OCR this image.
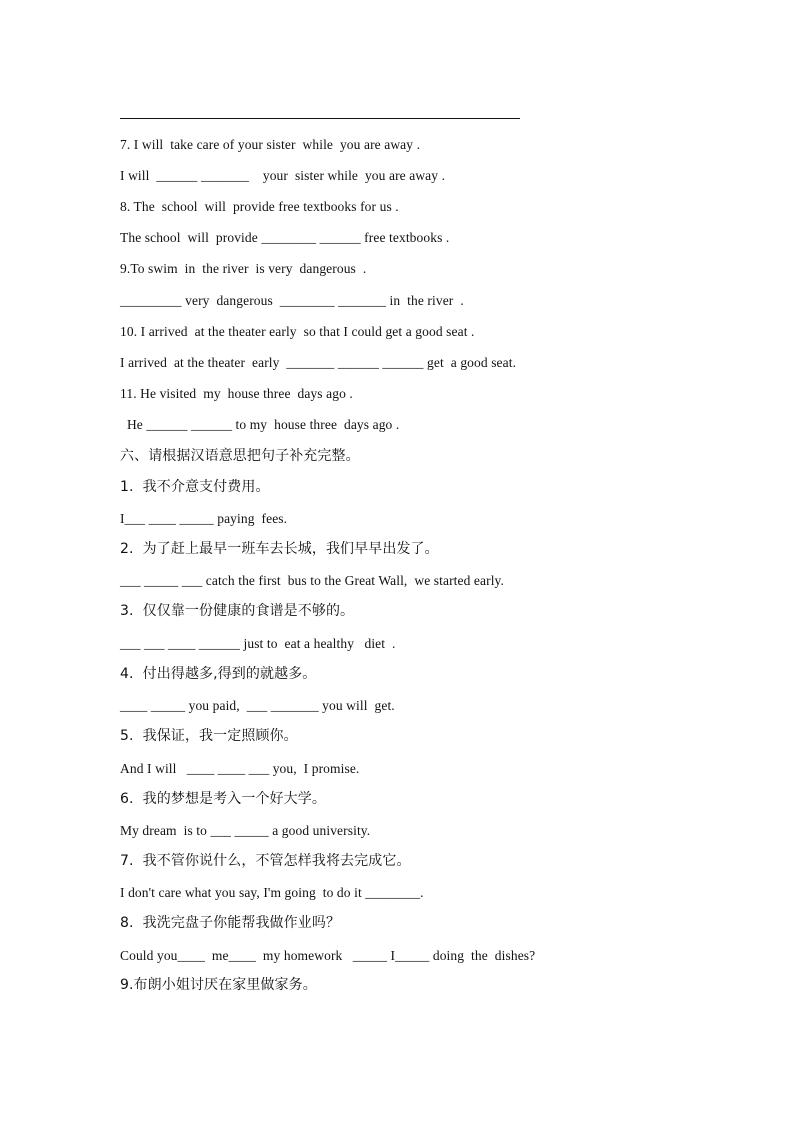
7. I will  take care of your sister  while  you are away .
I will  ______ _______    your  sister while  you are away .
8. The  school  will  provide free textbooks for us .
The school  will  provide ________ ______ free textbooks .
9.To swim  in  the river  is very  dangerous  .
_________ very  dangerous  ________ _______ in  the river  .
10. I arrived  at the theater early  so that I could get a good seat .
I arrived  at the theater  early  _______ ______ ______ get  a good seat.
11. He visited  my  house three  days ago .
He ______ ______ to my  house three  days ago .
六、请根据汉语意思把句子补充完整。
1.  我不介意支付费用。
I___ ____ _____ paying  fees.
2.  为了赶上最早一班车去长城，我们早早出发了。
___ _____ ___ catch the first  bus to the Great Wall,  we started early.
3.  仅仅靠一份健康的食谱是不够的。
___ ___ ____ ______ just to  eat a healthy   diet  .
4.  付出得越多,得到的就越多。
____ _____ you paid,  ___ _______ you will  get.
5.  我保证，我一定照顾你。
And I will   ____ ____ ___ you,  I promise.
6.  我的梦想是考入一个好大学。
My dream  is to ___ _____ a good university.
7.  我不管你说什么，不管怎样我将去完成它。
I don't care what you say, I'm going  to do it ________.
8.  我洗完盘子你能帮我做作业吗？
Could you____  me____  my homework   _____ I_____ doing  the  dishes?
9.布朗小姐讨厌在家里做家务。
